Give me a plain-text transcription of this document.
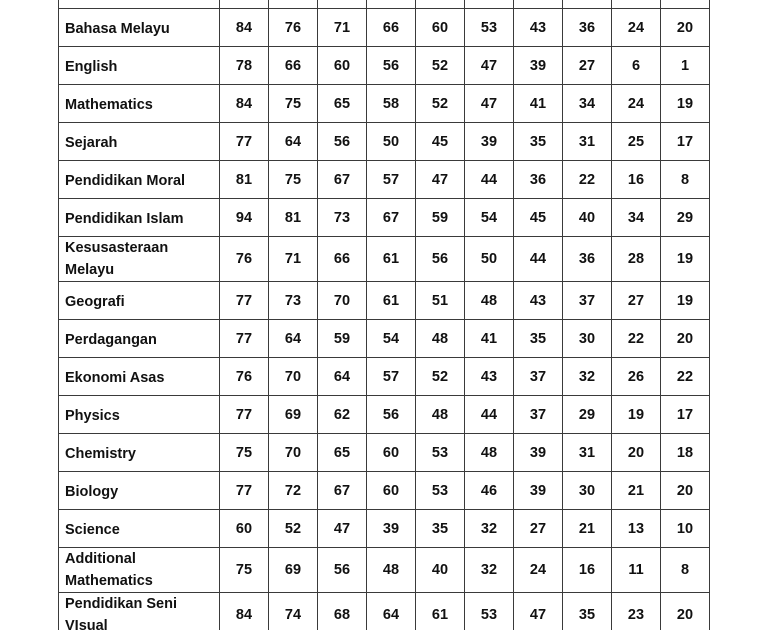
Bahasa Melayu	84	76	71	66	60	53	43	36	24	20
English	78	66	60	56	52	47	39	27	6	1
Mathematics	84	75	65	58	52	47	41	34	24	19
Sejarah	77	64	56	50	45	39	35	31	25	17
Pendidikan Moral	81	75	67	57	47	44	36	22	16	8
Pendidikan Islam	94	81	73	67	59	54	45	40	34	29
Kesusasteraan Melayu	76	71	66	61	56	50	44	36	28	19
Geografi	77	73	70	61	51	48	43	37	27	19
Perdagangan	77	64	59	54	48	41	35	30	22	20
Ekonomi Asas	76	70	64	57	52	43	37	32	26	22
Physics	77	69	62	56	48	44	37	29	19	17
Chemistry	75	70	65	60	53	48	39	31	20	18
Biology	77	72	67	60	53	46	39	30	21	20
Science	60	52	47	39	35	32	27	21	13	10
Additional Mathematics	75	69	56	48	40	32	24	16	11	8
Pendidikan Seni VIsual	84	74	68	64	61	53	47	35	23	20
